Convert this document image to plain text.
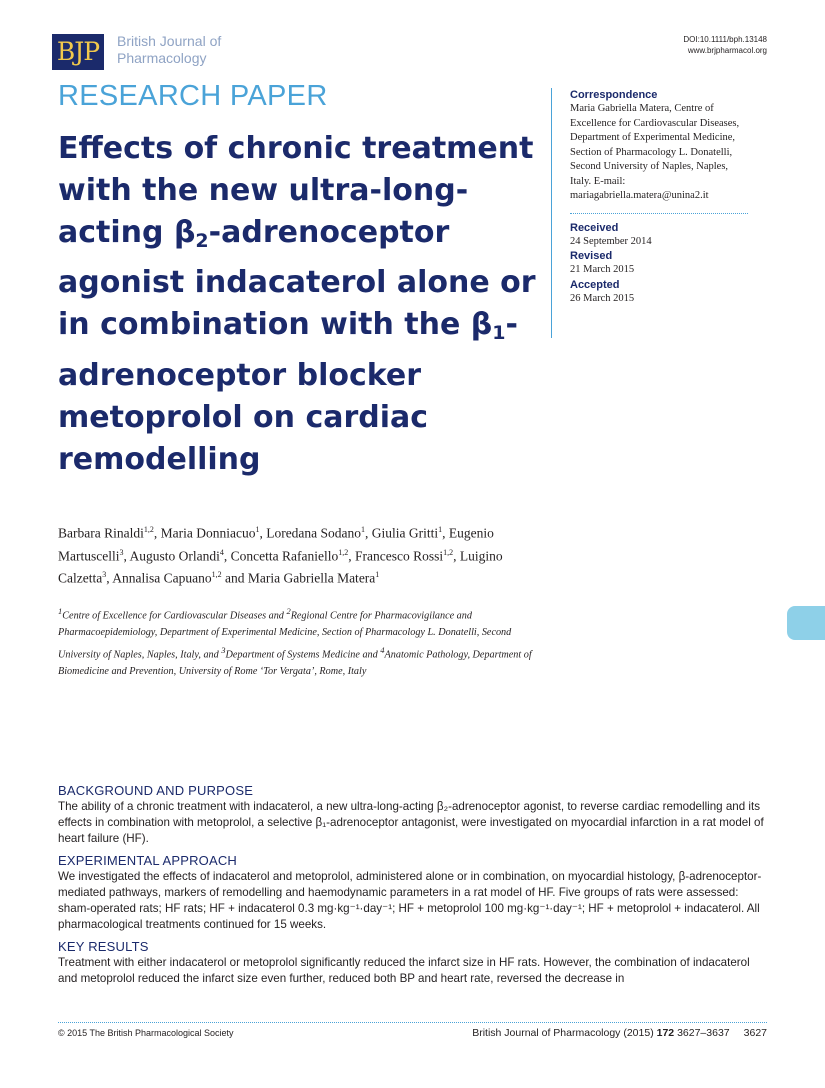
BJP	British Journal of Pharmacology
DOI:10.1111/bph.13148
www.brjpharmacol.org
RESEARCH PAPER
Effects of chronic treatment with the new ultra-long-acting $\beta_2$-adrenoceptor agonist indacaterol alone or in combination with the $\beta_1$-adrenoceptor blocker metoprolol on cardiac remodelling
Barbara Rinaldi$^{1,2}$, Maria Donniacuo$^1$, Loredana Sodano$^1$, Giulia Gritti$^1$, Eugenio Martuscelli$^3$, Augusto Orlandi$^4$, Concetta Rafaniello$^{1,2}$, Francesco Rossi$^{1,2}$, Luigino Calzetta$^3$, Annalisa Capuano$^{1,2}$ and Maria Gabriella Matera$^1$
$^1$Centre of Excellence for Cardiovascular Diseases and $^2$Regional Centre for Pharmacovigilance and Pharmacoepidemiology, Department of Experimental Medicine, Section of Pharmacology L. Donatelli, Second University of Naples, Naples, Italy, and $^3$Department of Systems Medicine and $^4$Anatomic Pathology, Department of Biomedicine and Prevention, University of Rome ‘Tor Vergata’, Rome, Italy
Correspondence
Maria Gabriella Matera, Centre of Excellence for Cardiovascular Diseases, Department of Experimental Medicine, Section of Pharmacology L. Donatelli, Second University of Naples, Naples, Italy. E-mail: mariagabriella.matera@unina2.it
Received
24 September 2014
Revised
21 March 2015
Accepted
26 March 2015
BACKGROUND AND PURPOSE
The ability of a chronic treatment with indacaterol, a new ultra-long-acting β₂-adrenoceptor agonist, to reverse cardiac remodelling and its effects in combination with metoprolol, a selective β₁-adrenoceptor antagonist, were investigated on myocardial infarction in a rat model of heart failure (HF).
EXPERIMENTAL APPROACH
We investigated the effects of indacaterol and metoprolol, administered alone or in combination, on myocardial histology, β-adrenoceptor-mediated pathways, markers of remodelling and haemodynamic parameters in a rat model of HF. Five groups of rats were assessed: sham-operated rats; HF rats; HF + indacaterol 0.3 mg·kg⁻¹·day⁻¹; HF + metoprolol 100 mg·kg⁻¹·day⁻¹; HF + metoprolol + indacaterol. All pharmacological treatments continued for 15 weeks.
KEY RESULTS
Treatment with either indacaterol or metoprolol significantly reduced the infarct size in HF rats. However, the combination of indacaterol and metoprolol reduced the infarct size even further, reduced both BP and heart rate, reversed the decrease in
© 2015 The British Pharmacological Society	British Journal of Pharmacology (2015) 172 3627–3637 3627
